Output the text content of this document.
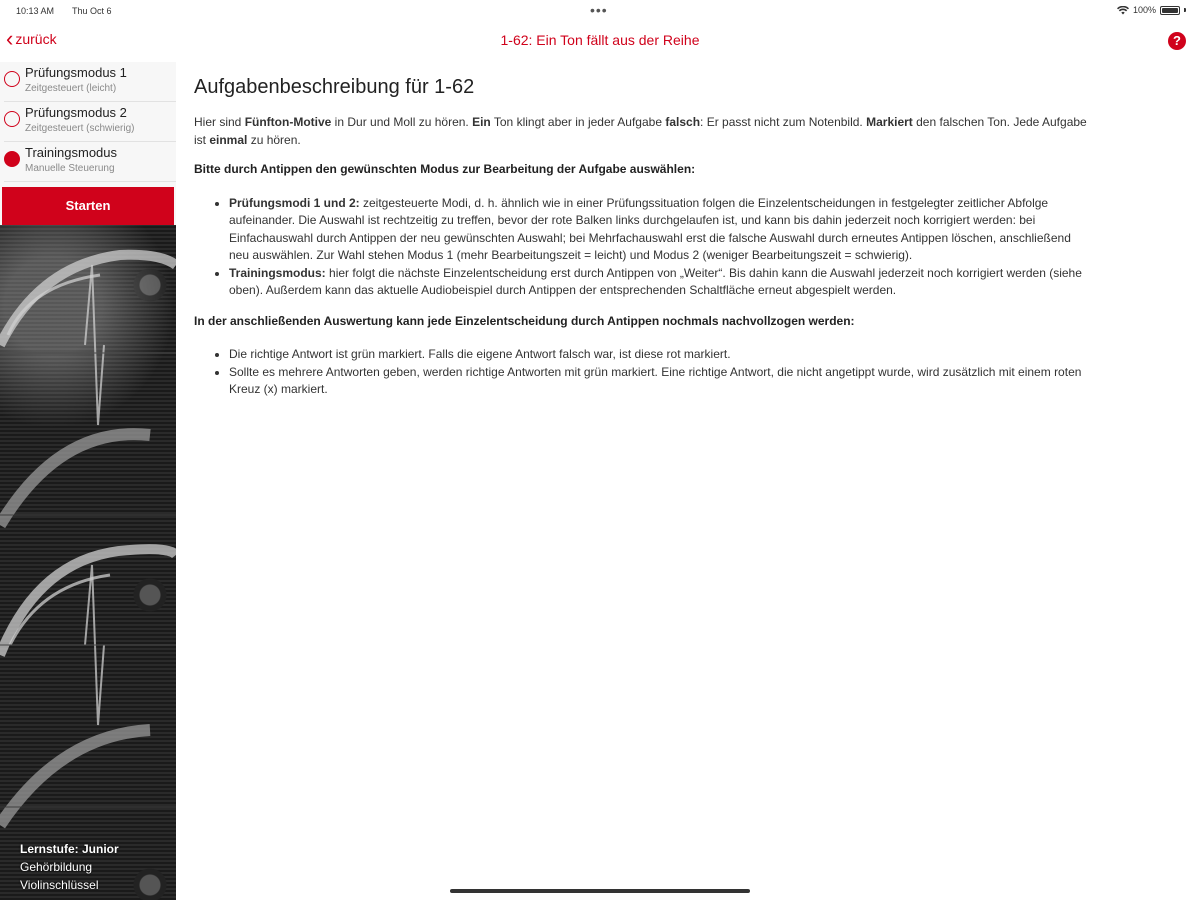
10:13 AM Thu Oct 6	•••	100%
‹ zurück	1-62: Ein Ton fällt aus der Reihe	?
Prüfungsmodus 1
Zeitgesteuert (leicht)
Prüfungsmodus 2
Zeitgesteuert (schwierig)
Trainingsmodus
Manuelle Steuerung
Starten
Lernstufe: Junior
Gehörbildung
Violinschlüssel
Aufgabenbeschreibung für 1-62

Hier sind Fünfton-Motive in Dur und Moll zu hören. Ein Ton klingt aber in jeder Aufgabe falsch: Er passt nicht zum Notenbild. Markiert den falschen Ton. Jede Aufgabe ist einmal zu hören.

Bitte durch Antippen den gewünschten Modus zur Bearbeitung der Aufgabe auswählen:

• Prüfungsmodi 1 und 2: zeitgesteuerte Modi, d. h. ähnlich wie in einer Prüfungssituation folgen die Einzelentscheidungen in festgelegter zeitlicher Abfolge aufeinander. Die Auswahl ist rechtzeitig zu treffen, bevor der rote Balken links durchgelaufen ist, und kann bis dahin jederzeit noch korrigiert werden: bei Einfachauswahl durch Antippen der neu gewünschten Auswahl; bei Mehrfachauswahl erst die falsche Auswahl durch erneutes Antippen löschen, anschließend neu auswählen. Zur Wahl stehen Modus 1 (mehr Bearbeitungszeit = leicht) und Modus 2 (weniger Bearbeitungszeit = schwierig).
• Trainingsmodus: hier folgt die nächste Einzelentscheidung erst durch Antippen von „Weiter“. Bis dahin kann die Auswahl jederzeit noch korrigiert werden (siehe oben). Außerdem kann das aktuelle Audiobeispiel durch Antippen der entsprechenden Schaltfläche erneut abgespielt werden.

In der anschließenden Auswertung kann jede Einzelentscheidung durch Antippen nochmals nachvollzogen werden:

• Die richtige Antwort ist grün markiert. Falls die eigene Antwort falsch war, ist diese rot markiert.
• Sollte es mehrere Antworten geben, werden richtige Antworten mit grün markiert. Eine richtige Antwort, die nicht angetippt wurde, wird zusätzlich mit einem roten Kreuz (x) markiert.
